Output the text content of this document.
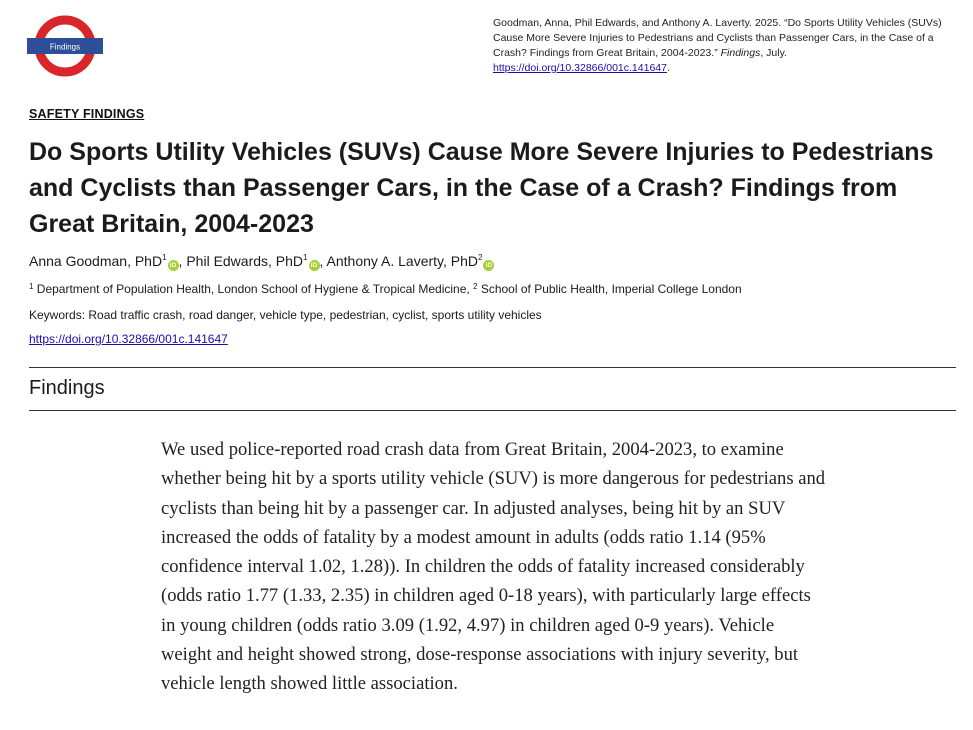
Findings
Goodman, Anna, Phil Edwards, and Anthony A. Laverty. 2025. “Do Sports Utility Vehicles (SUVs) Cause More Severe Injuries to Pedestrians and Cyclists than Passenger Cars, in the Case of a Crash? Findings from Great Britain, 2004-2023.” Findings, July. https://doi.org/10.32866/001c.141647.
SAFETY FINDINGS
Do Sports Utility Vehicles (SUVs) Cause More Severe Injuries to Pedestrians and Cyclists than Passenger Cars, in the Case of a Crash? Findings from Great Britain, 2004-2023
Anna Goodman, PhD$^1$iD , Phil Edwards, PhD$^1$iD , Anthony A. Laverty, PhD$^2$iD
$^1$ Department of Population Health, London School of Hygiene & Tropical Medicine, $^2$ School of Public Health, Imperial College London
Keywords: Road traffic crash, road danger, vehicle type, pedestrian, cyclist, sports utility vehicles
https://doi.org/10.32866/001c.141647
Findings

We used police-reported road crash data from Great Britain, 2004-2023, to examine whether being hit by a sports utility vehicle (SUV) is more dangerous for pedestrians and cyclists than being hit by a passenger car. In adjusted analyses, being hit by an SUV increased the odds of fatality by a modest amount in adults (odds ratio 1.14 (95% confidence interval 1.02, 1.28)). In children the odds of fatality increased considerably (odds ratio 1.77 (1.33, 2.35) in children aged 0-18 years), with particularly large effects in young children (odds ratio 3.09 (1.92, 4.97) in children aged 0-9 years). Vehicle weight and height showed strong, dose-response associations with injury severity, but vehicle length showed little association.
